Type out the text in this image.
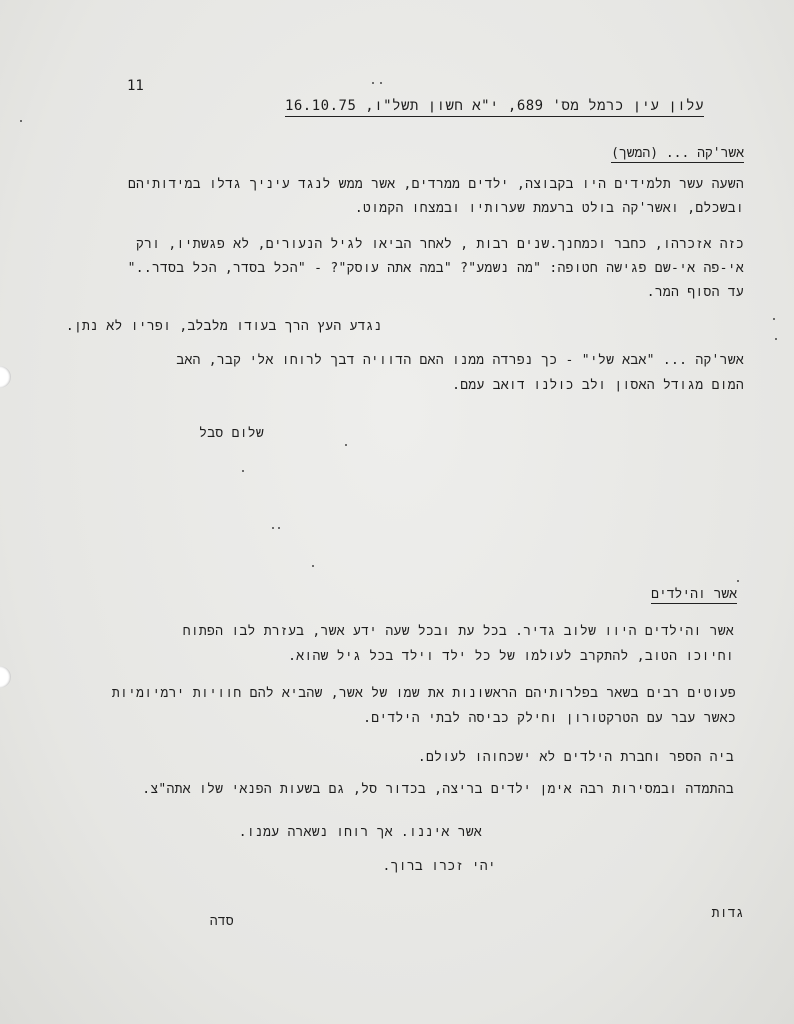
11
עלון עין כרמל מס' 689, י"א חשון תשל"ו, 16.10.75
אשר'קה ... (המשך)
השעה עשר תלמידים היו בקבוצה, ילדים ממרדים, אשר ממש לנגד עיניך גדלו במידותיהם
ובשכלם, ואשר'קה בולט ברעמת שערותיו ובמצחו הקמוט.
כזה אזכרהו, כחבר וכמחנך.שנים רבות , לאחר הביאו לגיל הנעורים, לא פגשתיו, ורק
אי-פה אי-שם פגישה חטופה: "מה נשמע"? "במה אתה עוסק"? - "הכל בסדר, הכל בסדר.."
עד הסוף המר.
נגדע העץ הרך בעודו מלבלב, ופריו לא נתן.
אשר'קה ... "אבא שלי" - כך נפרדה ממנו האם הדוויה דבך לרוחו אלי קבר, האב
המום מגודל האסון ולב כולנו דואב עמם.
שלום סבל
אשר והילדים
אשר והילדים היוו שלוב גדיר. בכל עת ובכל שעה ידע אשר, בעזרת לבו הפתוח
וחיוכו הטוב, להתקרב לעולמו של כל ילד וילד בכל גיל שהוא.
פעוטים רבים בשאר בפלרותיהם הראשונות את שמו של אשר, שהביא להם חוויות ירמיומיות
כאשר עבר עם הטרקטורון וחילק כביסה לבתי הילדים.
ביה הספר וחברת הילדים לא ישכחוהו לעולם.
בהתמדה ובמסירות רבה אימן ילדים בריצה, בכדור סל, גם בשעות הפנאי שלו אתה"צ.
אשר איננו. אך רוחו נשארה עמנו.
יהי זכרו ברוך.
סדה
גדות
